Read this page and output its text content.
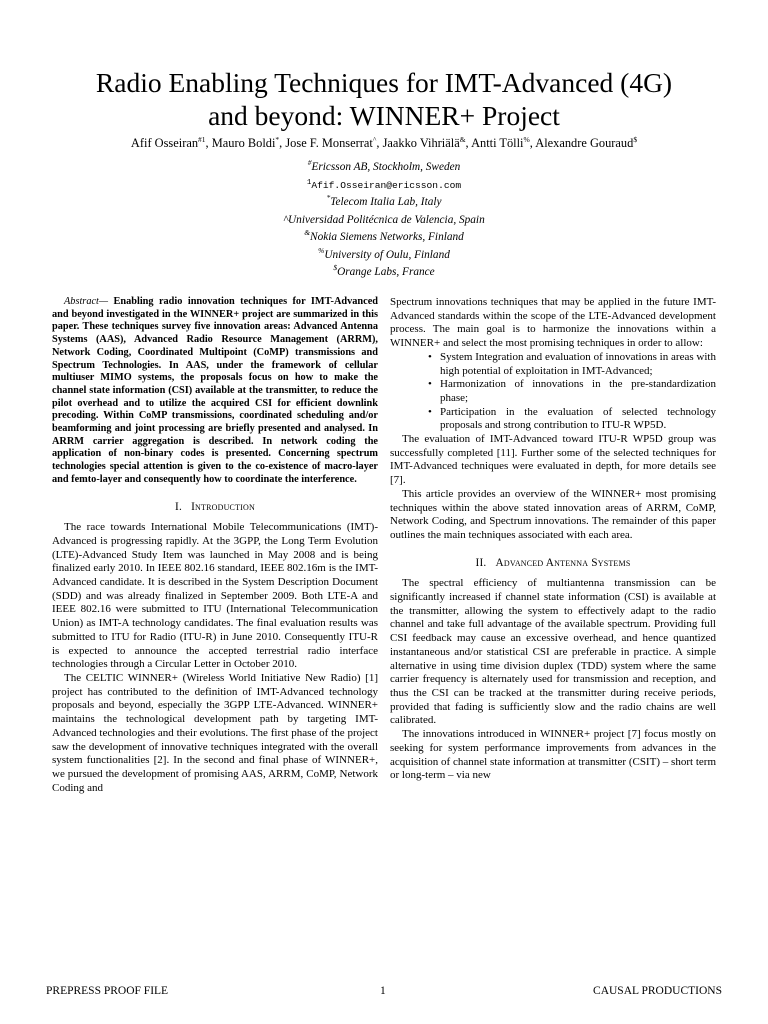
Radio Enabling Techniques for IMT-Advanced (4G)
and beyond: WINNER+ Project
Afif Osseiran$^{\#1}$, Mauro Boldi*, Jose F. Monserrat^, Jaakko Vihriälä&, Antti Tölli%, Alexandre Gouraud$
#Ericsson AB, Stockholm, Sweden
$^1$Afif.Osseiran@ericsson.com
*Telecom Italia Lab, Italy
^Universidad Politécnica de Valencia, Spain
&Nokia Siemens Networks, Finland
%University of Oulu, Finland
$Orange Labs, France
Abstract— Enabling radio innovation techniques for IMT-Advanced and beyond investigated in the WINNER+ project are summarized in this paper. These techniques survey five innovation areas: Advanced Antenna Systems (AAS), Advanced Radio Resource Management (ARRM), Network Coding, Coordinated Multipoint (CoMP) transmissions and Spectrum Technologies. In AAS, under the framework of cellular multiuser MIMO systems, the proposals focus on how to make the channel state information (CSI) available at the transmitter, to reduce the pilot overhead and to utilize the acquired CSI for efficient downlink precoding. Within CoMP transmissions, coordinated scheduling and/or beamforming and joint processing are briefly presented and analysed. In ARRM carrier aggregation is described. In network coding the application of non-binary codes is presented. Concerning spectrum technologies special attention is given to the co-existence of macro-layer and femto-layer and consequently how to coordinate the interference.
I. Introduction

The race towards International Mobile Telecommunications (IMT)-Advanced is progressing rapidly. At the 3GPP, the Long Term Evolution (LTE)-Advanced Study Item was launched in May 2008 and is being finalized early 2010. In IEEE 802.16 standard, IEEE 802.16m is the IMT-Advanced candidate. It is described in the System Description Document (SDD) and was already finalized in September 2009. Both LTE-A and IEEE 802.16 were submitted to ITU (International Telecommunication Union) as IMT-A technology candidates. The final evaluation results was submitted to ITU for Radio (ITU-R) in June 2010. Consequently ITU-R is expected to announce the accepted terrestrial radio interface technologies through a Circular Letter in October 2010.

The CELTIC WINNER+ (Wireless World Initiative New Radio) [1] project has contributed to the definition of IMT-Advanced technology proposals and beyond, especially the 3GPP LTE-Advanced. WINNER+ maintains the technological development path by targeting IMT-Advanced technologies and their evolutions. The first phase of the project saw the development of innovative techniques integrated with the overall system functionalities [2]. In the second and final phase of WINNER+, we pursued the development of promising AAS, ARRM, CoMP, Network Coding and

Spectrum innovations techniques that may be applied in the future IMT-Advanced standards within the scope of the LTE-Advanced development process. The main goal is to harmonize the innovations within a WINNER+ and select the most promising techniques in order to allow:

• System Integration and evaluation of innovations in areas with high potential of exploitation in IMT-Advanced;
• Harmonization of innovations in the pre-standardization phase;
• Participation in the evaluation of selected technology proposals and strong contribution to ITU-R WP5D.

The evaluation of IMT-Advanced toward ITU-R WP5D group was successfully completed [11]. Further some of the selected techniques for IMT-Advanced techniques were evaluated in depth, for more details see [7].

This article provides an overview of the WINNER+ most promising techniques within the above stated innovation areas of ARRM, CoMP, Network Coding, and Spectrum innovations. The remainder of this paper outlines the main techniques associated with each area.

II. Advanced Antenna Systems

The spectral efficiency of multiantenna transmission can be significantly increased if channel state information (CSI) is available at the transmitter, allowing the system to effectively adapt to the radio channel and take full advantage of the available spectrum. Providing full CSI feedback may cause an excessive overhead, and hence quantized instantaneous and/or statistical CSI are preferable in practice. A simple alternative in using time division duplex (TDD) system where the same carrier frequency is alternately used for transmission and reception, and thus the CSI can be tracked at the transmitter during receive periods, provided that fading is sufficiently slow and the radio chains are well calibrated.

The innovations introduced in WINNER+ project [7] focus mostly on seeking for system performance improvements from advances in the acquisition of channel state information at transmitter (CSIT) – short term or long-term – via new

PREPRESS PROOF FILE	1	CAUSAL PRODUCTIONS
